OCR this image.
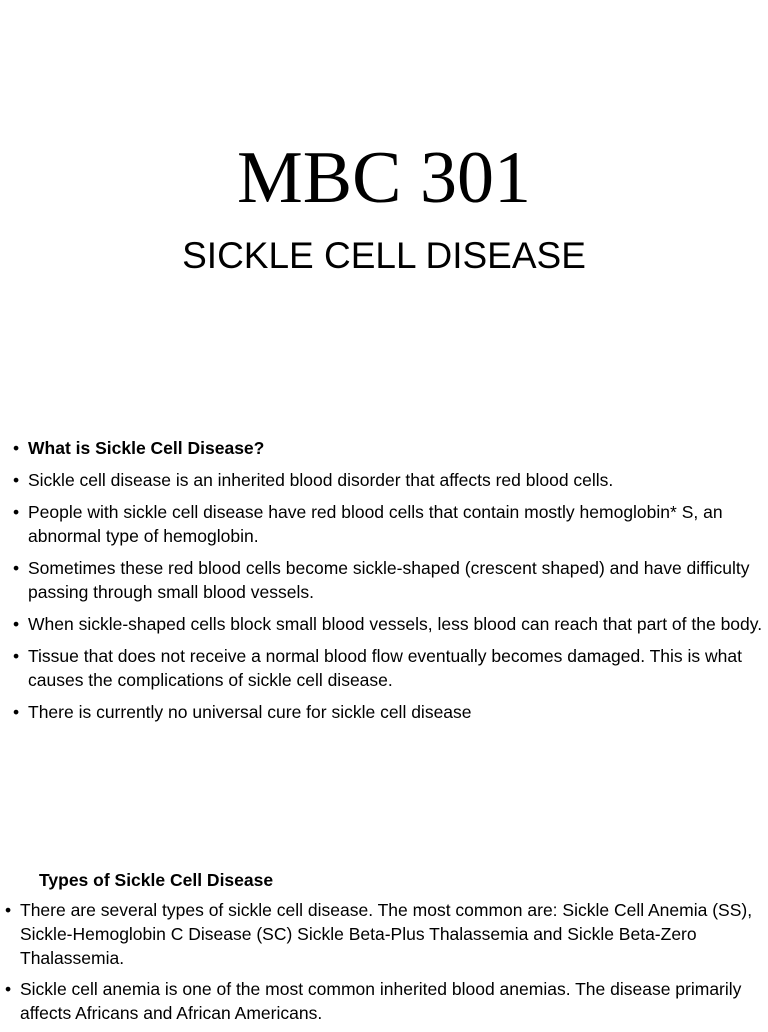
MBC 301
SICKLE CELL DISEASE
• What is Sickle Cell Disease?
• Sickle cell disease is an inherited blood disorder that affects red blood cells.
• People with sickle cell disease have red blood cells that contain mostly hemoglobin* S, an abnormal type of hemoglobin.
• Sometimes these red blood cells become sickle-shaped (crescent shaped) and have difficulty passing through small blood vessels.
• When sickle-shaped cells block small blood vessels, less blood can reach that part of the body.
• Tissue that does not receive a normal blood flow eventually becomes damaged. This is what causes the complications of sickle cell disease.
• There is currently no universal cure for sickle cell disease
Types of Sickle Cell Disease
• There are several types of sickle cell disease. The most common are: Sickle Cell Anemia (SS), Sickle-Hemoglobin C Disease (SC) Sickle Beta-Plus Thalassemia and Sickle Beta-Zero Thalassemia.
• Sickle cell anemia is one of the most common inherited blood anemias. The disease primarily affects Africans and African Americans.
